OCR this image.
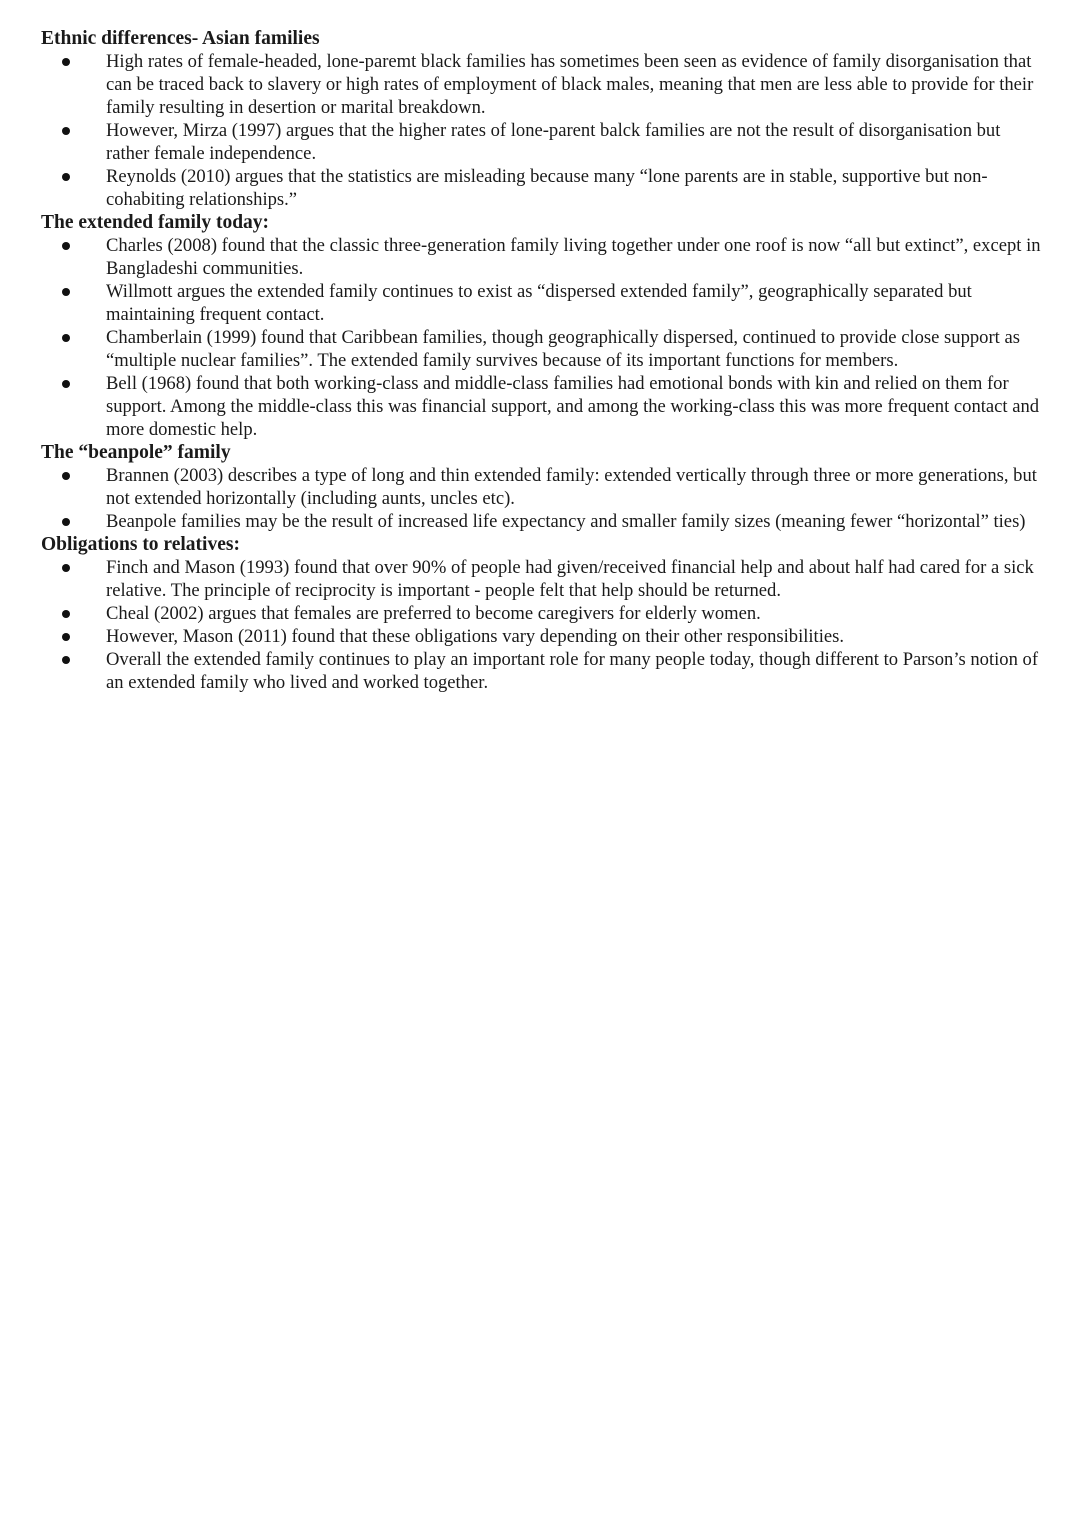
Ethnic differences- Asian families

High rates of female-headed, lone-paremt black families has sometimes been seen as evidence of family disorganisation that can be traced back to slavery or high rates of employment of black males, meaning that men are less able to provide for their family resulting in desertion or marital breakdown.
However, Mirza (1997) argues that the higher rates of lone-parent balck families are not the result of disorganisation but rather female independence.
Reynolds (2010) argues that the statistics are misleading because many “lone parents are in stable, supportive but non-cohabiting relationships.”

The extended family today:

Charles (2008) found that the classic three-generation family living together under one roof is now “all but extinct”, except in Bangladeshi communities.
Willmott argues the extended family continues to exist as “dispersed extended family”, geographically separated but maintaining frequent contact.
Chamberlain (1999) found that Caribbean families, though geographically dispersed, continued to provide close support as “multiple nuclear families”. The extended family survives because of its important functions for members.
Bell (1968) found that both working-class and middle-class families had emotional bonds with kin and relied on them for support. Among the middle-class this was financial support, and among the working-class this was more frequent contact and more domestic help.

The “beanpole” family

Brannen (2003) describes a type of long and thin extended family: extended vertically through three or more generations, but not extended horizontally (including aunts, uncles etc).
Beanpole families may be the result of increased life expectancy and smaller family sizes (meaning fewer “horizontal” ties)

Obligations to relatives:

Finch and Mason (1993) found that over 90% of people had given/received financial help and about half had cared for a sick relative. The principle of reciprocity is important - people felt that help should be returned.
Cheal (2002) argues that females are preferred to become caregivers for elderly women.
However, Mason (2011) found that these obligations vary depending on their other responsibilities.
Overall the extended family continues to play an important role for many people today, though different to Parson’s notion of an extended family who lived and worked together.
